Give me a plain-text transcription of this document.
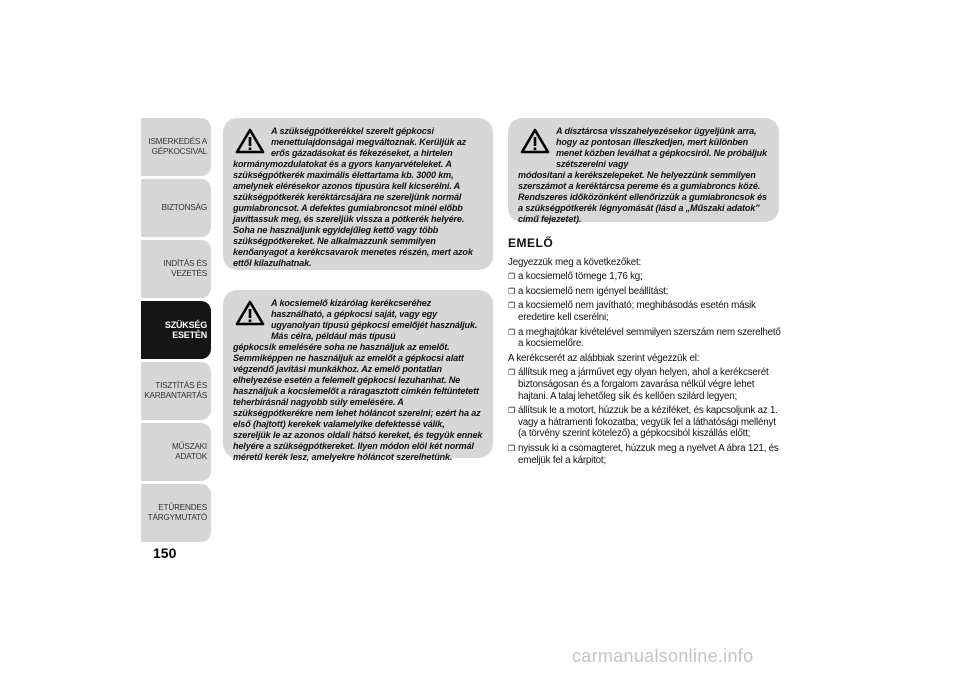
ISMERKEDÉS A GÉPKOCSIVAL
BIZTONSÁG
INDÍTÁS ÉS VEZETÉS
SZÜKSÉG ESETÉN
TISZTÍTÁS ÉS KARBANTARTÁS
MŰSZAKI ADATOK
ETŰRENDES TÁRGYMUTATÓ
150
A szükségpótkerékkel szerelt gépkocsi menettulajdonságai megváltoznak. Kerüljük az erős gázadásokat és fékezéseket, a hirtelen
kormánymozdulatokat és a gyors kanyarvételeket. A szükségpótkerék maximális élettartama kb. 3000 km, amelynek elérésekor azonos típusúra kell kicserélni. A szükségpótkerék keréktárcsájára ne szereljünk normál gumiabroncsot. A defektes gumiabroncsot minél előbb javíttassuk meg, és szereljük vissza a pótkerék helyére. Soha ne használjunk egyidejűleg kettő vagy több szükségpótkereket. Ne alkalmazzunk semmilyen kenőanyagot a kerékcsavarok menetes részén, mert azok ettől kilazulhatnak.
A kocsiemelő kizárólag kerékcseréhez használható, a gépkocsi saját, vagy egy ugyanolyan típusú gépkocsi emelőjét használjuk. Más célra, például más típusú
gépkocsik emelésére soha ne használjuk az emelőt. Semmiképpen ne használjuk az emelőt a gépkocsi alatt végzendő javítási munkákhoz. Az emelő pontatlan elhelyezése esetén a felemelt gépkocsi lezuhanhat. Ne használjuk a kocsiemelőt a ráragasztott címkén feltüntetett teherbírásnál nagyobb súly emelésére. A szükségpótkerékre nem lehet hóláncot szerelni; ezért ha az első (hajtott) kerekek valamelyike defektessé válik, szereljük le az azonos oldali hátsó kereket, és tegyük ennek helyére a szükségpótkereket. Ilyen módon elöl két normál méretű kerék lesz, amelyekre hóláncot szerelhetünk.
A dísztárcsa visszahelyezésekor ügyeljünk arra, hogy az pontosan illeszkedjen, mert különben menet közben leválhat a gépkocsiról. Ne próbáljuk szétszerelni vagy
módosítani a kerékszelepeket. Ne helyezzünk semmilyen szerszámot a keréktárcsa pereme és a gumiabroncs közé. Rendszeres időközönként ellenőrizzük a gumiabroncsok és a szükségpótkerék légnyomását (lásd a „Műszaki adatok” című fejezetet).
EMELŐ

Jegyezzük meg a következőket:

❒ a kocsiemelő tömege 1,76 kg;
❒ a kocsiemelő nem igényel beállítást;
❒ a kocsiemelő nem javítható; meghibásodás esetén másik eredetire kell cserélni;
❒ a meghajtókar kivételével semmilyen szerszám nem szerelhető a kocsiemelőre.

A kerékcserét az alábbiak szerint végezzük el:

❒ állítsuk meg a járművet egy olyan helyen, ahol a kerékcserét biztonságosan és a forgalom zavarása nélkül végre lehet hajtani. A talaj lehetőleg sík és kellően szilárd legyen;
❒ állítsuk le a motort, húzzuk be a kéziféket, és kapcsoljunk az 1. vagy a hátramenti fokozatba; vegyük fel a láthatósági mellényt (a törvény szerint kötelező) a gépkocsiból kiszállás előtt;
❒ nyissuk ki a csomagteret, húzzuk meg a nyelvet A ábra 121, és emeljük fel a kárpitot;
carmanualsonline.info
